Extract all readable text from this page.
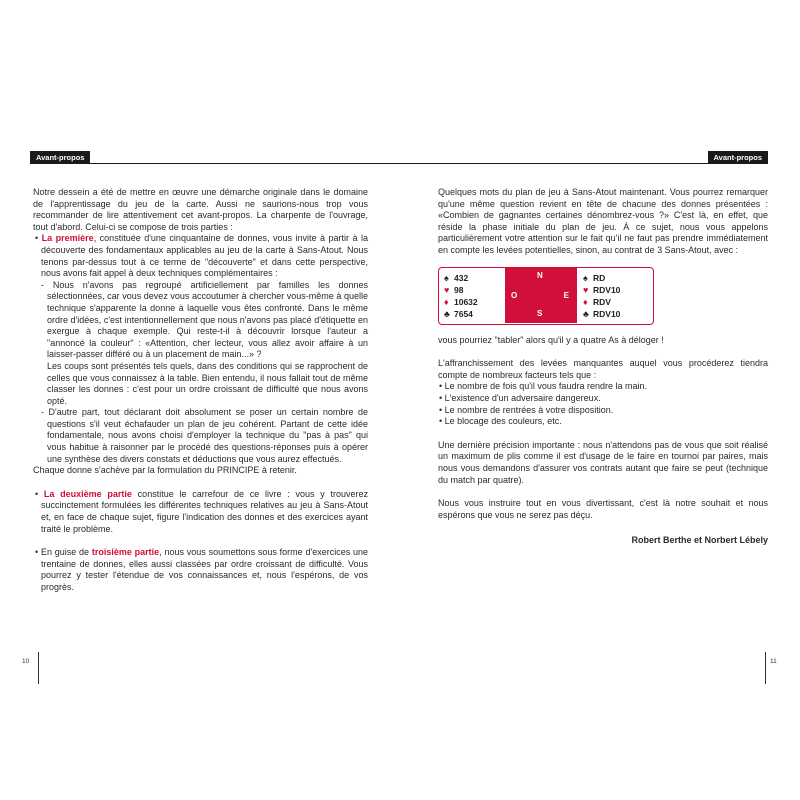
Avant-propos

Notre dessein a été de mettre en œuvre une démarche originale dans le domaine de l'apprentissage du jeu de la carte. Aussi ne saurions-nous trop vous recommander de lire attentivement cet avant-propos. La charpente de l'ouvrage, tout d'abord. Celui-ci se compose de trois parties :

• La première, constituée d'une cinquantaine de donnes, vous invite à partir à la découverte des fondamentaux applicables au jeu de la carte à Sans-Atout. Nous tenons par-dessus tout à ce terme de "découverte" et dans cette perspective, nous avons fait appel à deux techniques complémentaires :

- Nous n'avons pas regroupé artificiellement par familles les donnes sélectionnées, car vous devez vous accoutumer à chercher vous-même à quelle technique s'apparente la donne à laquelle vous êtes confronté. Dans le même ordre d'idées, c'est intentionnellement que nous n'avons pas placé d'étiquette en exergue à chaque exemple. Qui reste-t-il à découvrir lorsque l'auteur a "annoncé la couleur" : «Attention, cher lecteur, vous allez avoir affaire à un laisser-passer différé ou à un placement de main...» ?

Les coups sont présentés tels quels, dans des conditions qui se rapprochent de celles que vous connaissez à la table. Bien entendu, il nous fallait tout de même classer les donnes : c'est pour un ordre croissant de difficulté que nous avons opté.

- D'autre part, tout déclarant doit absolument se poser un certain nombre de questions s'il veut échafauder un plan de jeu cohérent. Partant de cette idée fondamentale, nous avons choisi d'employer la technique du "pas à pas" qui vous habitue à raisonner par le procédé des questions-réponses puis à opérer une synthèse des divers constats et déductions que vous aurez effectués.

Chaque donne s'achève par la formulation du PRINCIPE à retenir.

• La deuxième partie constitue le carrefour de ce livre : vous y trouverez succinctement formulées les différentes techniques relatives au jeu à Sans-Atout et, en face de chaque sujet, figure l'indication des donnes et des exercices ayant traité le problème.

• En guise de troisième partie, nous vous soumettons sous forme d'exercices une trentaine de donnes, elles aussi classées par ordre croissant de difficulté. Vous pourrez y tester l'étendue de vos connaissances et, nous l'espérons, de vos progrès.

10
Avant-propos

Quelques mots du plan de jeu à Sans-Atout maintenant. Vous pourrez remarquer qu'une même question revient en tête de chacune des donnes présentées : «Combien de gagnantes certaines dénombrez-vous ?» C'est là, en effet, que réside la phase initiale du plan de jeu. À ce sujet, nous vous appelons particulièrement votre attention sur le fait qu'il ne faut pas prendre immédiatement en compte les levées potentielles, sinon, au contrat de 3 Sans-Atout, avec :

♠ 432
♥ 98
♦ 10632
♣ 7654
N
O	E
S
♠ RD
♥ RDV10
♦ RDV
♣ RDV10

vous pourriez "tabler" alors qu'il y a quatre As à déloger !

L'affranchissement des levées manquantes auquel vous procéderez tiendra compte de nombreux facteurs tels que :

• Le nombre de fois qu'il vous faudra rendre la main.
• L'existence d'un adversaire dangereux.
• Le nombre de rentrées à votre disposition.
• Le blocage des couleurs, etc.

Une dernière précision importante : nous n'attendons pas de vous que soit réalisé un maximum de plis comme il est d'usage de le faire en tournoi par paires, mais nous vous demandons d'assurer vos contrats autant que faire se peut (technique du match par quatre).

Nous vous instruire tout en vous divertissant, c'est là notre souhait et nous espérons que vous ne serez pas déçu.

Robert Berthe et Norbert Lébely

11
